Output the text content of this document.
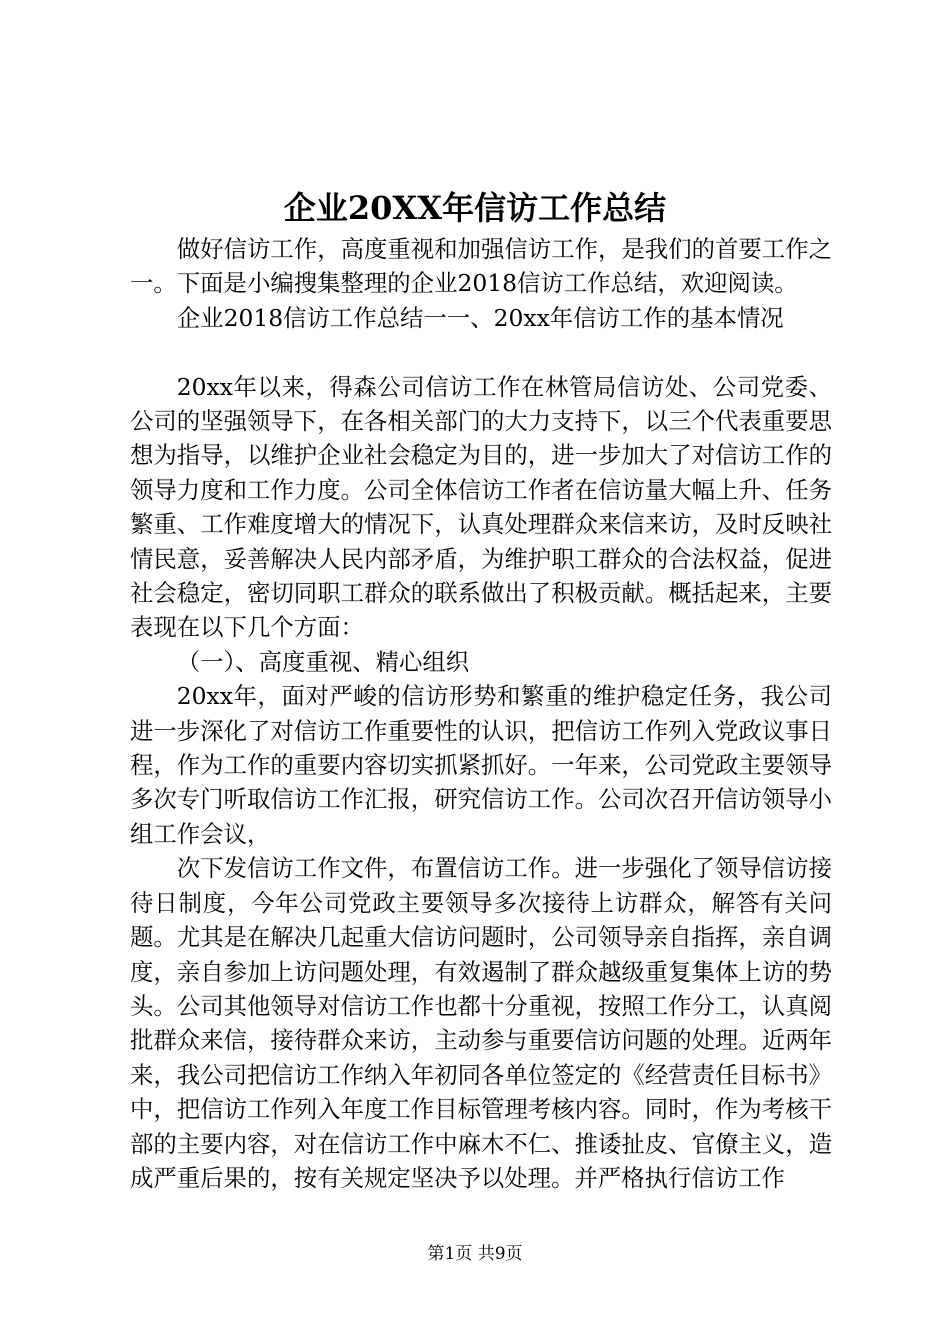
企业20XX年信访工作总结

做好信访工作，高度重视和加强信访工作，是我们的首要工作之一。下面是小编搜集整理的企业2018信访工作总结，欢迎阅读。

企业2018信访工作总结一一、20xx年信访工作的基本情况

20xx年以来，得森公司信访工作在林管局信访处、公司党委、公司的坚强领导下，在各相关部门的大力支持下，以三个代表重要思想为指导，以维护企业社会稳定为目的，进一步加大了对信访工作的领导力度和工作力度。公司全体信访工作者在信访量大幅上升、任务繁重、工作难度增大的情况下，认真处理群众来信来访，及时反映社情民意，妥善解决人民内部矛盾，为维护职工群众的合法权益，促进社会稳定，密切同职工群众的联系做出了积极贡献。概括起来，主要表现在以下几个方面：

（一）、高度重视、精心组织

20xx年，面对严峻的信访形势和繁重的维护稳定任务，我公司进一步深化了对信访工作重要性的认识，把信访工作列入党政议事日程，作为工作的重要内容切实抓紧抓好。一年来，公司党政主要领导多次专门听取信访工作汇报，研究信访工作。公司次召开信访领导小组工作会议，

次下发信访工作文件，布置信访工作。进一步强化了领导信访接待日制度，今年公司党政主要领导多次接待上访群众，解答有关问题。尤其是在解决几起重大信访问题时，公司领导亲自指挥，亲自调度，亲自参加上访问题处理，有效遏制了群众越级重复集体上访的势头。公司其他领导对信访工作也都十分重视，按照工作分工，认真阅批群众来信，接待群众来访，主动参与重要信访问题的处理。近两年来，我公司把信访工作纳入年初同各单位签定的《经营责任目标书》中，把信访工作列入年度工作目标管理考核内容。同时，作为考核干部的主要内容，对在信访工作中麻木不仁、推诿扯皮、官僚主义，造成严重后果的，按有关规定坚决予以处理。并严格执行信访工作

第1页 共9页
